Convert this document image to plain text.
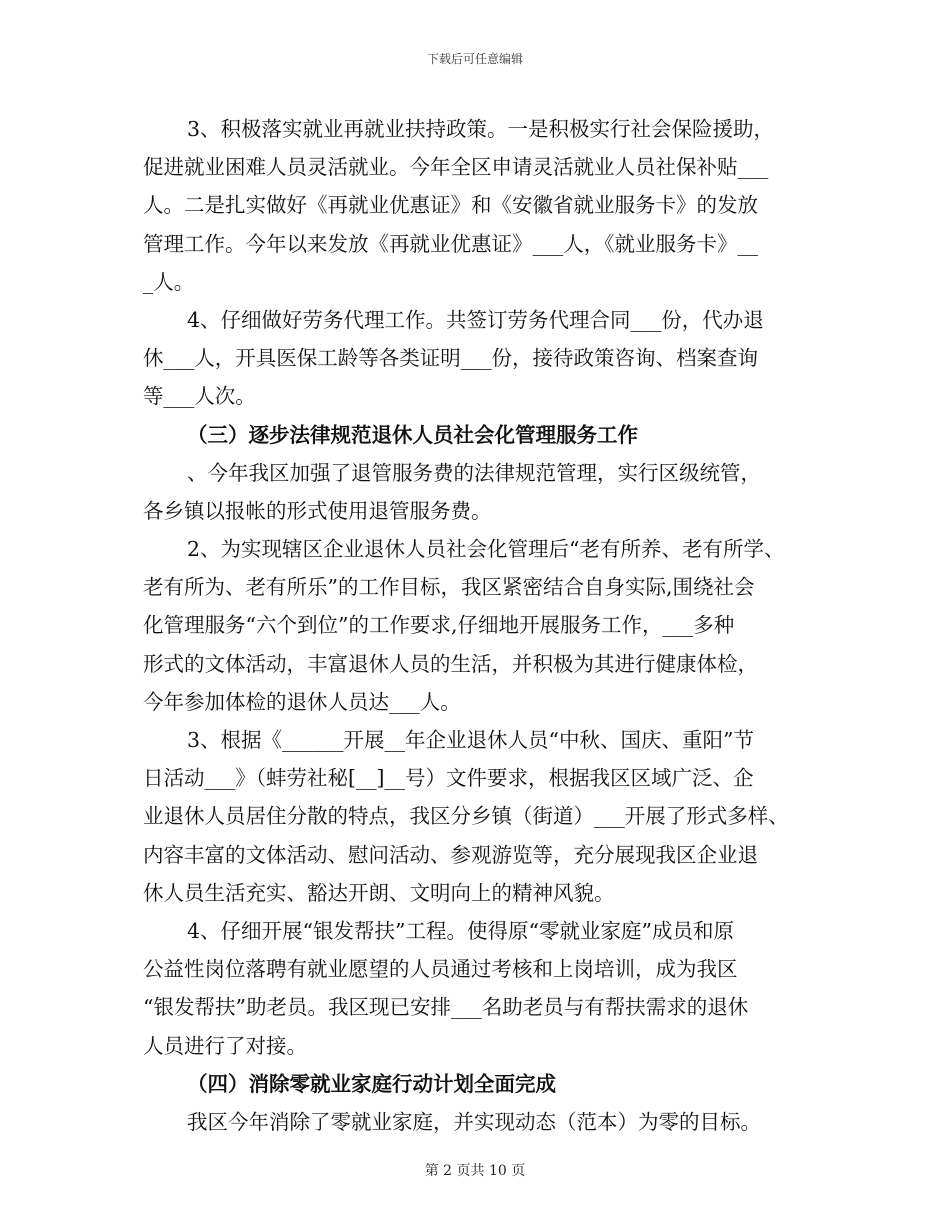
下载后可任意编辑
3、积极落实就业再就业扶持政策。一是积极实行社会保险援助，
促进就业困难人员灵活就业。今年全区申请灵活就业人员社保补贴___
人。二是扎实做好《再就业优惠证》和《安徽省就业服务卡》的发放
管理工作。今年以来发放《再就业优惠证》___人，《就业服务卡》__
_人。
4、仔细做好劳务代理工作。共签订劳务代理合同___份，代办退
休___人，开具医保工龄等各类证明___份，接待政策咨询、档案查询
等___人次。
（三）逐步法律规范退休人员社会化管理服务工作
、今年我区加强了退管服务费的法律规范管理，实行区级统管，
各乡镇以报帐的形式使用退管服务费。
2、为实现辖区企业退休人员社会化管理后“老有所养、老有所学、
老有所为、老有所乐”的工作目标，我区紧密结合自身实际,围绕社会
化管理服务“六个到位”的工作要求,仔细地开展服务工作，___多种
形式的文体活动，丰富退休人员的生活，并积极为其进行健康体检，
今年参加体检的退休人员达___人。
3、根据《______开展__年企业退休人员“中秋、国庆、重阳”节
日活动___》（蚌劳社秘[__]__号）文件要求，根据我区区域广泛、企
业退休人员居住分散的特点，我区分乡镇（街道）___开展了形式多样、
内容丰富的文体活动、慰问活动、参观游览等，充分展现我区企业退
休人员生活充实、豁达开朗、文明向上的精神风貌。
4、仔细开展“银发帮扶”工程。使得原“零就业家庭”成员和原
公益性岗位落聘有就业愿望的人员通过考核和上岗培训，成为我区
“银发帮扶”助老员。我区现已安排___名助老员与有帮扶需求的退休
人员进行了对接。
（四）消除零就业家庭行动计划全面完成
我区今年消除了零就业家庭，并实现动态（范本）为零的目标。
第 2 页共 10 页
